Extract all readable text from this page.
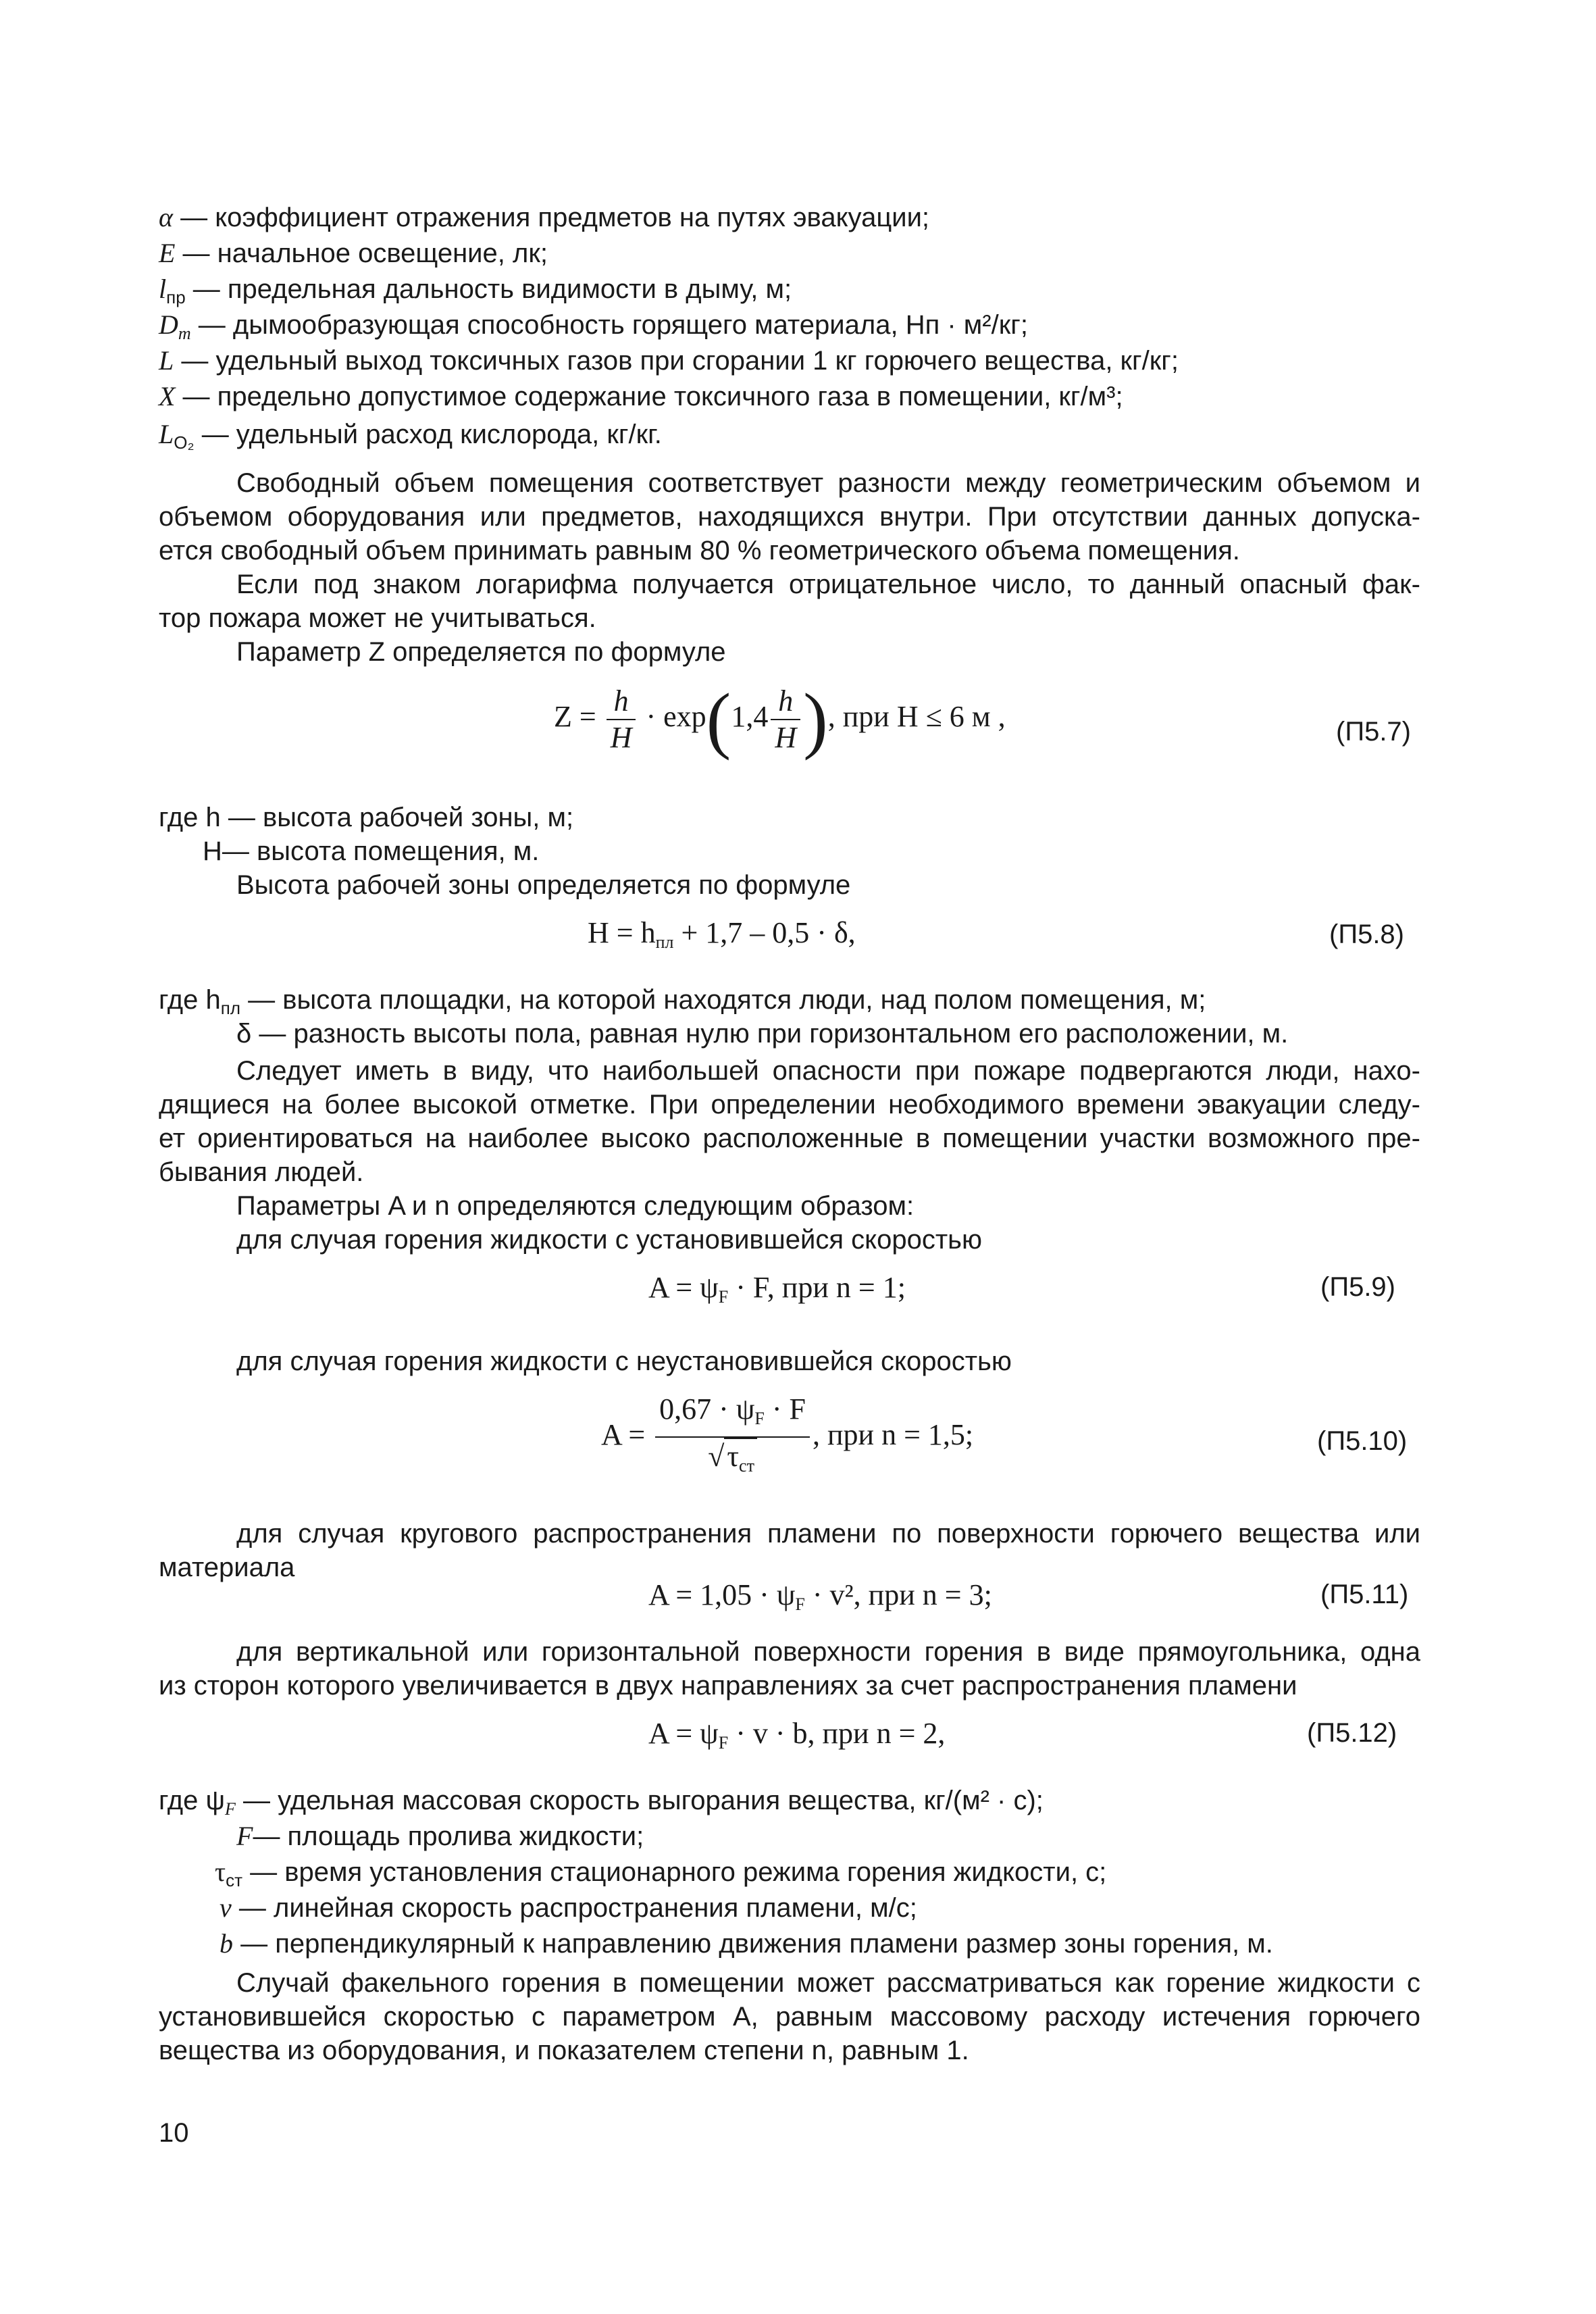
α — коэффициент отражения предметов на путях эвакуации;
E — начальное освещение, лк;
$l_{пр}$ — предельная дальность видимости в дыму, м;
$D_m$ — дымообразующая способность горящего материала, Нп · м²/кг;
L — удельный выход токсичных газов при сгорании 1 кг горючего вещества, кг/кг;
X — предельно допустимое содержание токсичного газа в помещении, кг/м³;
$L_{O_2}$ — удельный расход кислорода, кг/кг.
Свободный объем помещения соответствует разности между геометрическим объемом и
объемом оборудования или предметов, находящихся внутри. При отсутствии данных допуска-
ется свободный объем принимать равным 80 % геометрического объема помещения.
Если под знаком логарифма получается отрицательное число, то данный опасный фак-
тор пожара может не учитываться.
Параметр Z определяется по формуле
$Z = \frac{h}{H} \cdot \exp(1,4 \frac{h}{H}$ ), при H ≤ 6 м ,	(П5.7)
где h — высота рабочей зоны, м;
H— высота помещения, м.
Высота рабочей зоны определяется по формуле
$H = h_{пл} + 1,7 - 0,5 \cdot \delta$,	(П5.8)
где $h_{пл}$ — высота площадки, на которой находятся люди, над полом помещения, м;
δ — разность высоты пола, равная нулю при горизонтальном его расположении, м.
Следует иметь в виду, что наибольшей опасности при пожаре подвергаются люди, нахо-
дящиеся на более высокой отметке. При определении необходимого времени эвакуации следу-
ет ориентироваться на наиболее высоко расположенные в помещении участки возможного пре-
бывания людей.
Параметры A и n определяются следующим образом:
для случая горения жидкости с установившейся скоростью
$A = \psi_F \cdot F$, при n = 1;	(П5.9)
для случая горения жидкости с неустановившейся скоростью
$A = \frac{0,67 \cdot \psi_F \cdot F}{√\tau_{ст}}$ , при n = 1,5;	(П5.10)
для случая кругового распространения пламени по поверхности горючего вещества или
материала
$A = 1,05 \cdot \psi_F \cdot v^2$, при n = 3;	(П5.11)
для вертикальной или горизонтальной поверхности горения в виде прямоугольника, одна
из сторон которого увеличивается в двух направлениях за счет распространения пламени
$A = \psi_F \cdot v \cdot b$, при n = 2,	(П5.12)
где $\psi_F$ — удельная массовая скорость выгорания вещества, кг/(м² · с);
F— площадь пролива жидкости;
$\tau_{ст}$ — время установления стационарного режима горения жидкости, с;
v — линейная скорость распространения пламени, м/с;
b — перпендикулярный к направлению движения пламени размер зоны горения, м.
Случай факельного горения в помещении может рассматриваться как горение жидкости с
установившейся скоростью с параметром А, равным массовому расходу истечения горючего
вещества из оборудования, и показателем степени n, равным 1.
10
